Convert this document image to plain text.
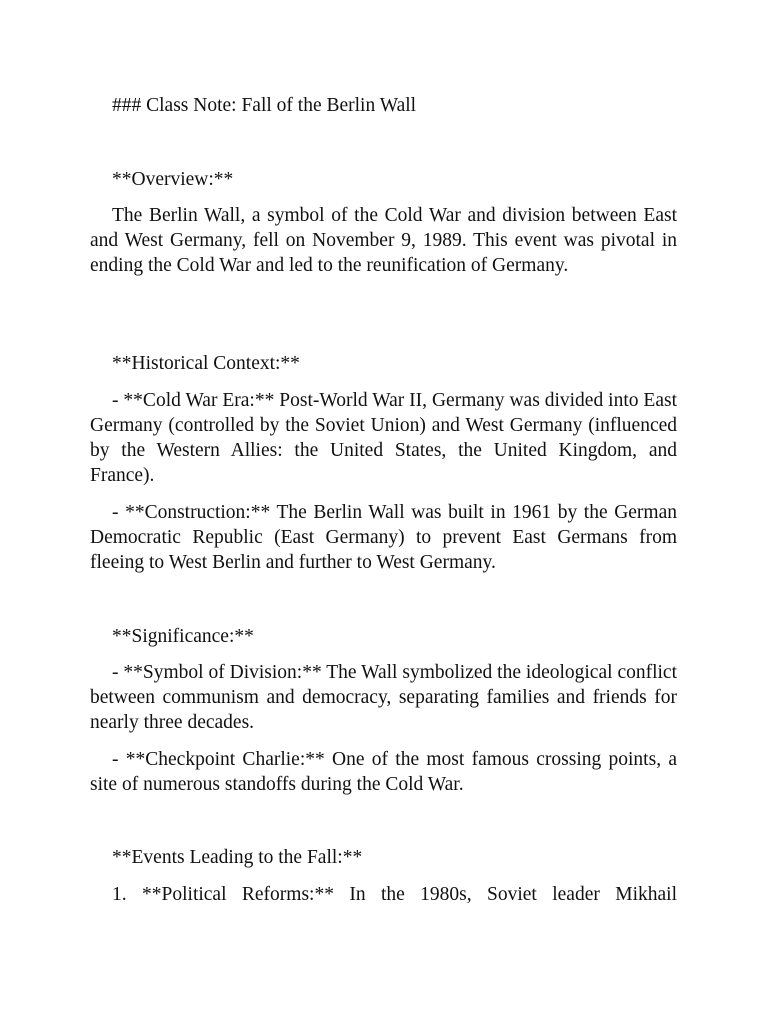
### Class Note: Fall of the Berlin Wall

**Overview:**

The Berlin Wall, a symbol of the Cold War and division between East and West Germany, fell on November 9, 1989. This event was pivotal in ending the Cold War and led to the reunification of Germany.

**Historical Context:**

- **Cold War Era:** Post-World War II, Germany was divided into East Germany (controlled by the Soviet Union) and West Germany (influenced by the Western Allies: the United States, the United Kingdom, and France).

- **Construction:** The Berlin Wall was built in 1961 by the German Democratic Republic (East Germany) to prevent East Germans from fleeing to West Berlin and further to West Germany.

**Significance:**

- **Symbol of Division:** The Wall symbolized the ideological conflict between communism and democracy, separating families and friends for nearly three decades.

- **Checkpoint Charlie:** One of the most famous crossing points, a site of numerous standoffs during the Cold War.

**Events Leading to the Fall:**

1. **Political Reforms:** In the 1980s, Soviet leader Mikhail
